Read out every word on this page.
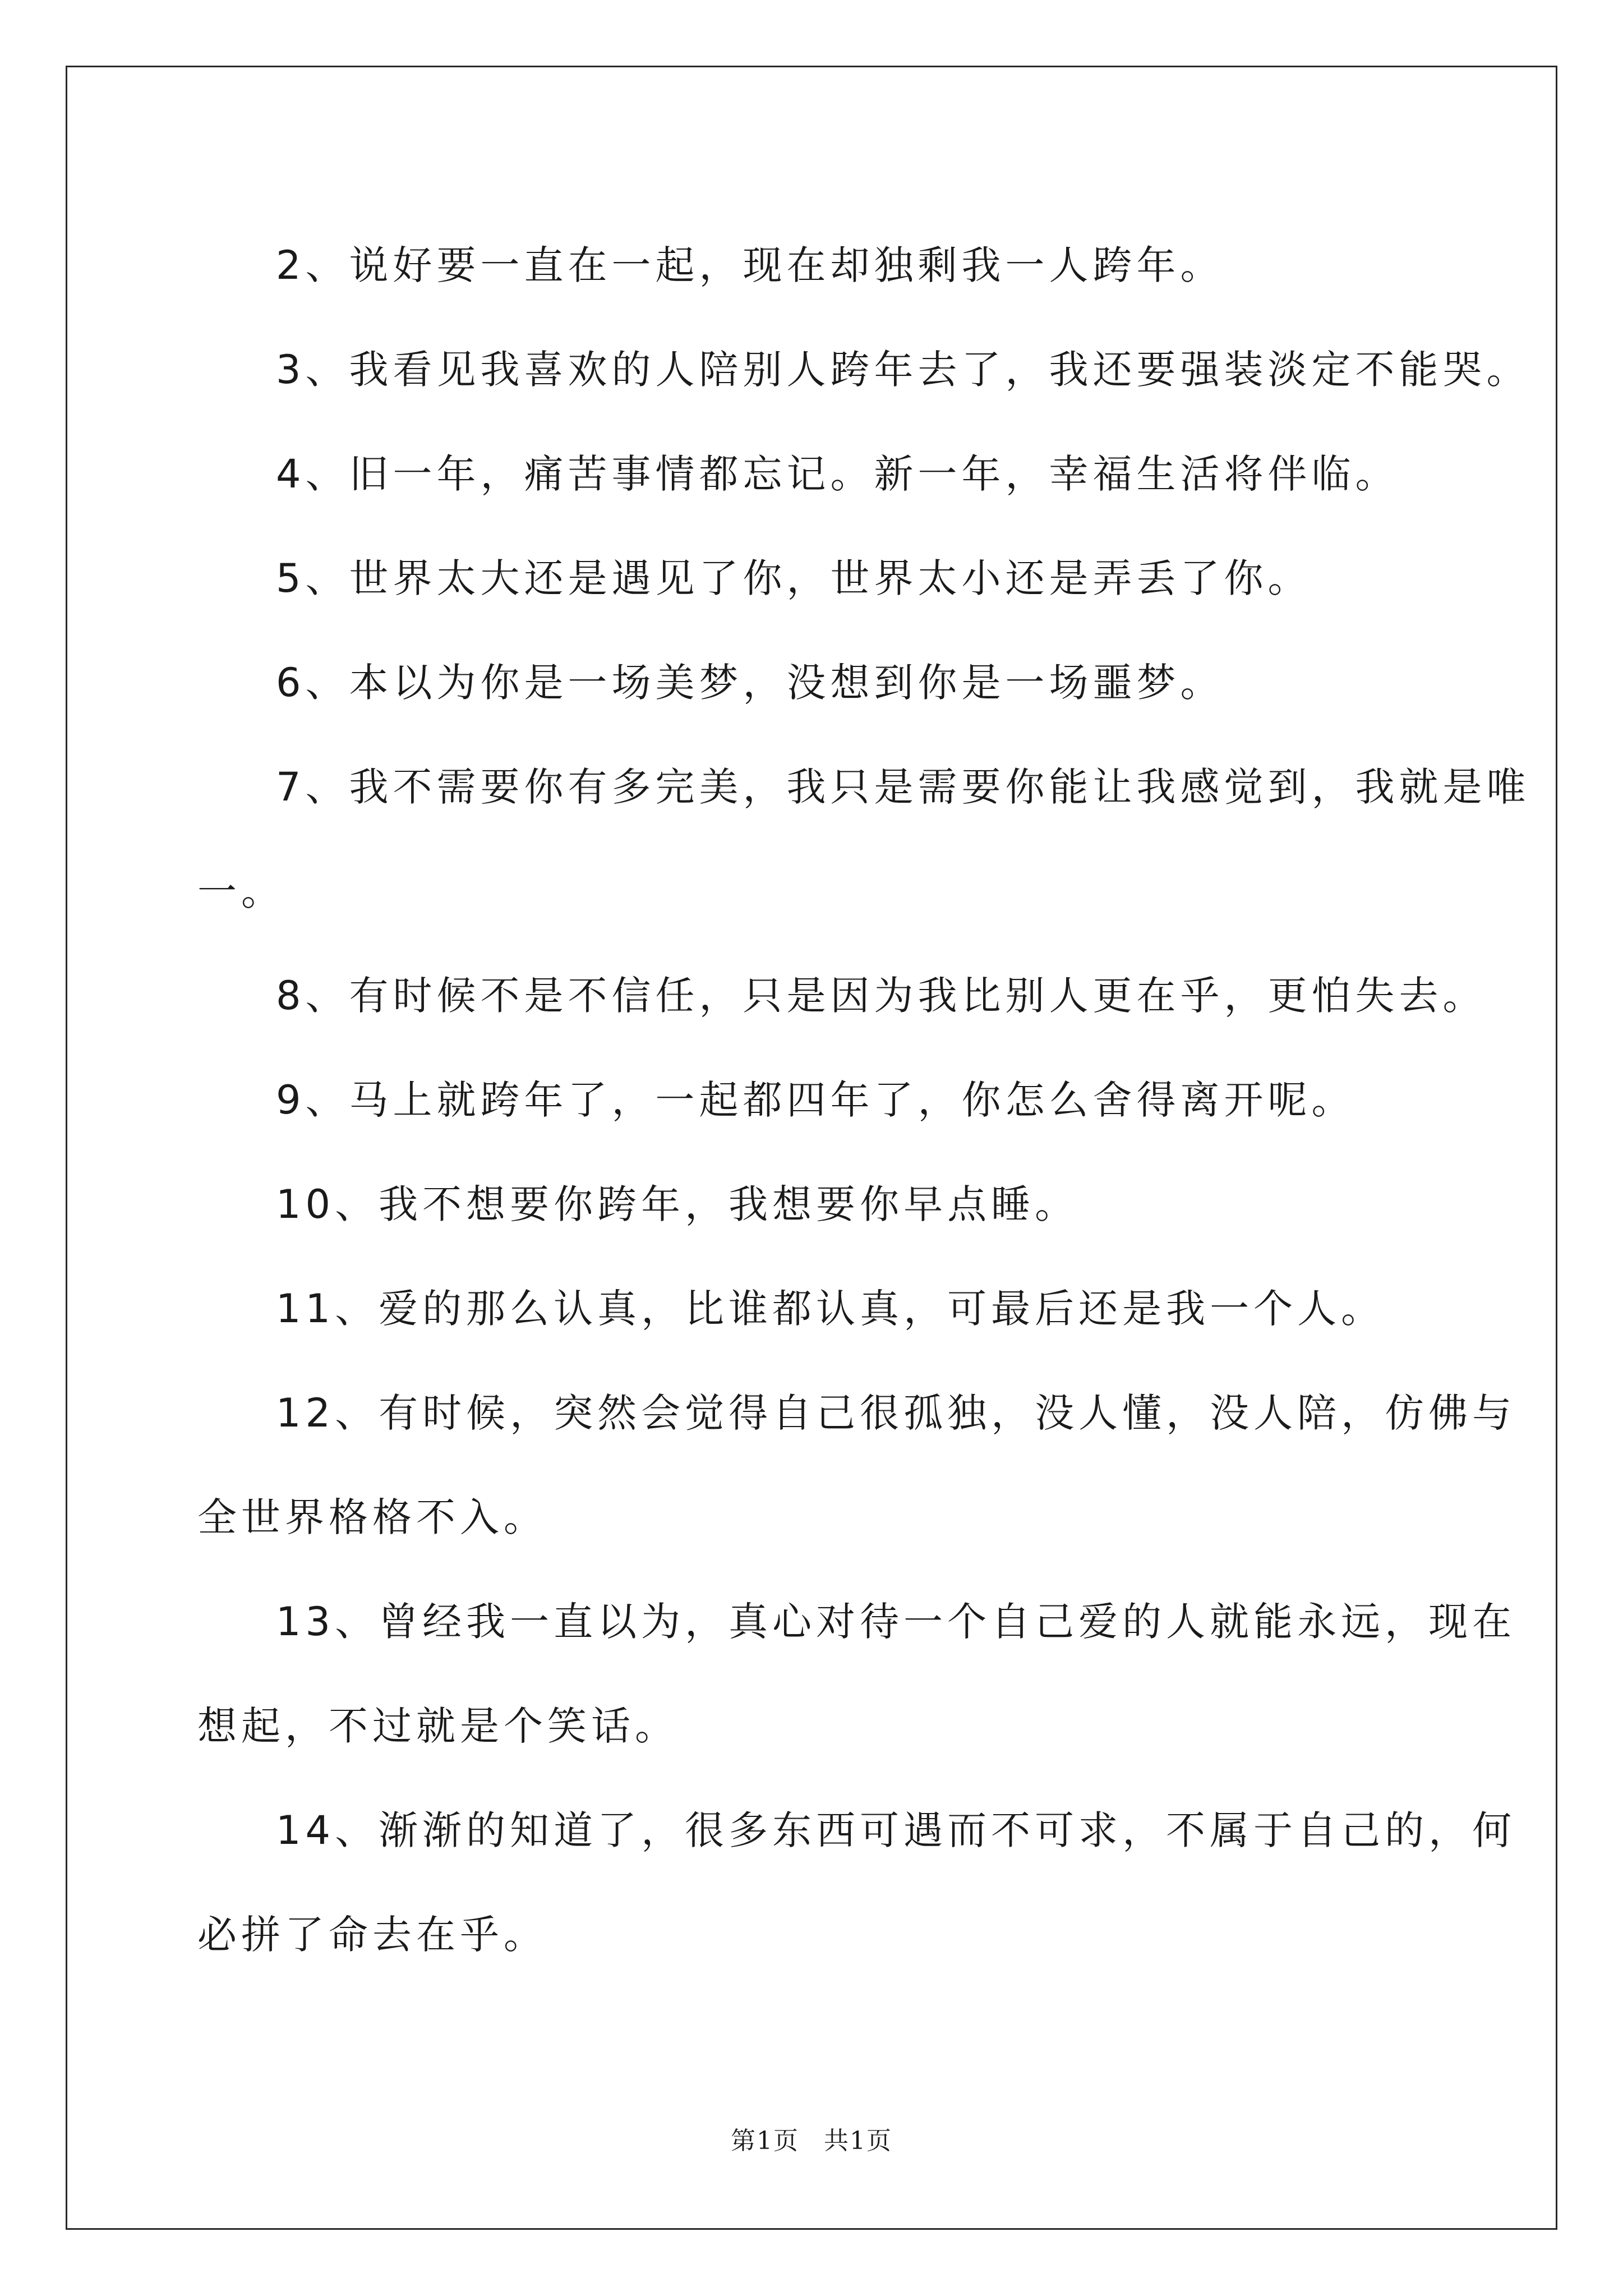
2、说好要一直在一起，现在却独剩我一人跨年。

3、我看见我喜欢的人陪别人跨年去了，我还要强装淡定不能哭。

4、旧一年，痛苦事情都忘记。新一年，幸福生活将伴临。

5、世界太大还是遇见了你，世界太小还是弄丢了你。

6、本以为你是一场美梦，没想到你是一场噩梦。

7、我不需要你有多完美，我只是需要你能让我感觉到，我就是唯
一。

8、有时候不是不信任，只是因为我比别人更在乎，更怕失去。

9、马上就跨年了，一起都四年了，你怎么舍得离开呢。

10、我不想要你跨年，我想要你早点睡。

11、爱的那么认真，比谁都认真，可最后还是我一个人。

12、有时候，突然会觉得自己很孤独，没人懂，没人陪，仿佛与
全世界格格不入。

13、曾经我一直以为，真心对待一个自己爱的人就能永远，现在
想起，不过就是个笑话。

14、渐渐的知道了，很多东西可遇而不可求，不属于自己的，何
必拼了命去在乎。

第1页 共1页
